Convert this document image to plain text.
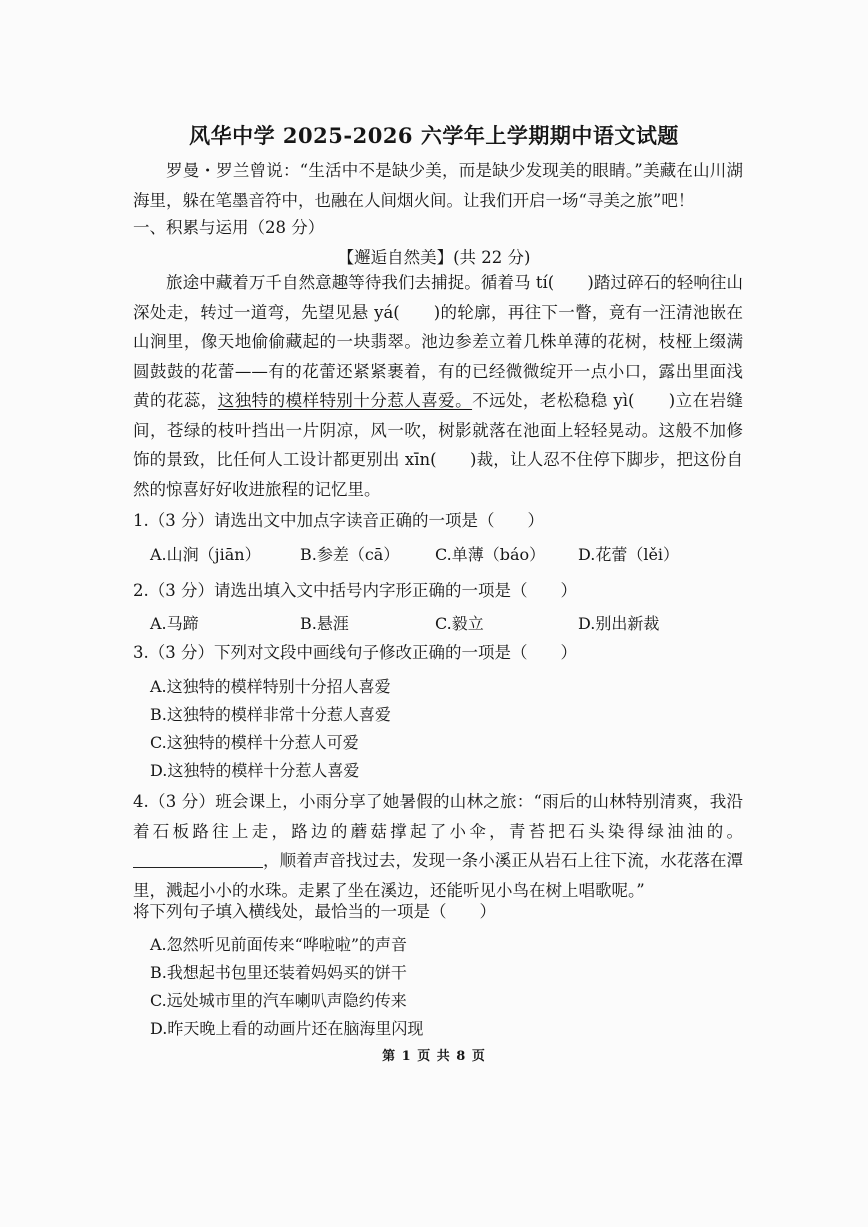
风华中学 2025-2026 六学年上学期期中语文试题
罗曼・罗兰曾说：“生活中不是缺少美，而是缺少发现美的眼睛。”美藏在山川湖海里，躲在笔墨音符中，也融在人间烟火间。让我们开启一场“寻美之旅”吧！
一、积累与运用（28 分）
【邂逅自然美】(共 22 分)
旅途中藏着万千自然意趣等待我们去捕捉。循着马 tí(　　)踏过碎石的轻响往山深处走，转过一道弯，先望见悬 yá(　　)的轮廓，再往下一瞥，竟有一汪清池嵌在山涧里，像天地偷偷藏起的一块翡翠。池边参差立着几株单薄的花树，枝桠上缀满圆鼓鼓的花蕾——有的花蕾还紧紧裹着，有的已经微微绽开一点小口，露出里面浅黄的花蕊，这独特的模样特别十分惹人喜爱。不远处，老松稳稳 yì(　　)立在岩缝间，苍绿的枝叶挡出一片阴凉，风一吹，树影就落在池面上轻轻晃动。这般不加修饰的景致，比任何人工设计都更别出 xīn(　　)裁，让人忍不住停下脚步，把这份自然的惊喜好好收进旅程的记忆里。
1.（3 分）请选出文中加点字读音正确的一项是（　　）
A.山涧（jiān） B.参差（cā） C.单薄（báo） D.花蕾（lěi）
2.（3 分）请选出填入文中括号内字形正确的一项是（　　）
A.马蹄	B.悬涯	C.毅立	D.别出新裁
3.（3 分）下列对文段中画线句子修改正确的一项是（　　）
A.这独特的模样特别十分招人喜爱
B.这独特的模样非常十分惹人喜爱
C.这独特的模样十分惹人可爱
D.这独特的模样十分惹人喜爱
4.（3 分）班会课上，小雨分享了她暑假的山林之旅：“雨后的山林特别清爽，我沿着石板路往上走，路边的蘑菇撑起了小伞，青苔把石头染得绿油油的。，顺着声音找过去，发现一条小溪正从岩石上往下流，水花落在潭里，溅起小小的水珠。走累了坐在溪边，还能听见小鸟在树上唱歌呢。”
将下列句子填入横线处，最恰当的一项是（　　）
A.忽然听见前面传来“哗啦啦”的声音
B.我想起书包里还装着妈妈买的饼干
C.远处城市里的汽车喇叭声隐约传来
D.昨天晚上看的动画片还在脑海里闪现
第 1 页 共 8 页
